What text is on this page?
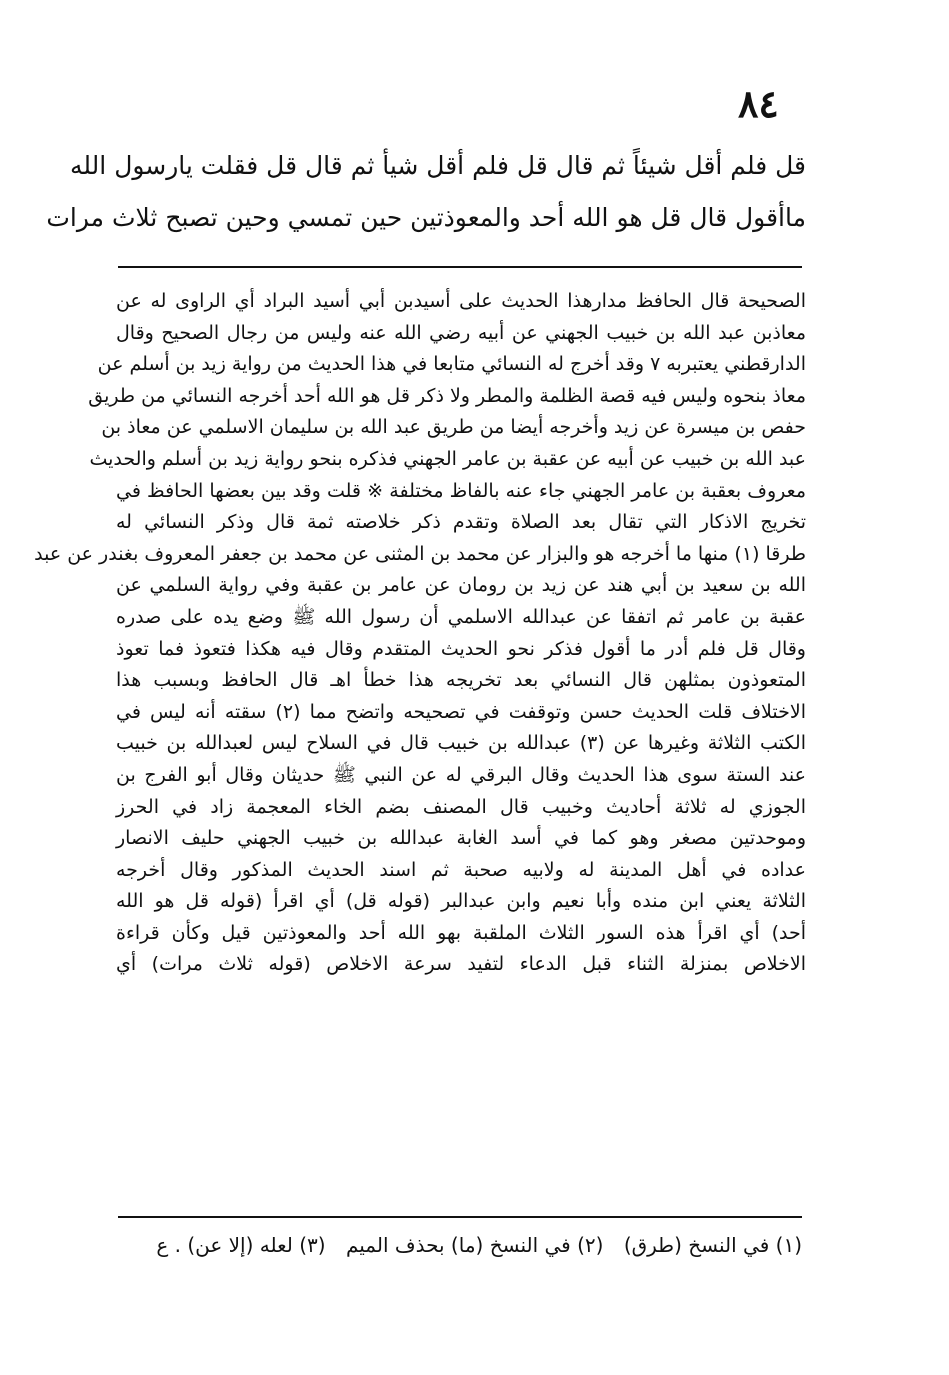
٨٤
قل فلم أقل شيئاً ثم قال قل فلم أقل شيأ ثم قال قل فقلت يارسول الله
ماأقول قال قل هو الله أحد والمعوذتين حين تمسي وحين تصبح ثلاث مرات
الصحيحة قال الحافظ مدارهذا الحديث على أسيدبن أبي أسيد البراد أي الراوى له عن
معاذبن عبد الله بن خبيب الجهني عن أبيه رضي الله عنه وليس من رجال الصحيح وقال
الدارقطني يعتبربه ٧ وقد أخرج له النسائي متابعا في هذا الحديث من رواية زيد بن أسلم عن
معاذ بنحوه وليس فيه قصة الظلمة والمطر ولا ذكر قل هو الله أحد أخرجه النسائي من طريق
حفص بن ميسرة عن زيد وأخرجه أيضا من طريق عبد الله بن سليمان الاسلمي عن معاذ بن
عبد الله بن خبيب عن أبيه عن عقبة بن عامر الجهني فذكره بنحو رواية زيد بن أسلم والحديث
معروف بعقبة بن عامر الجهني جاء عنه بالفاظ مختلفة ※ قلت وقد بين بعضها الحافظ في
تخريج الاذكار التي تقال بعد الصلاة وتقدم ذكر خلاصته ثمة قال وذكر النسائي له
طرقا (١) منها ما أخرجه هو والبزار عن محمد بن المثنى عن محمد بن جعفر المعروف بغندر عن عبد
الله بن سعيد بن أبي هند عن زيد بن رومان عن عامر بن عقبة وفي رواية السلمي عن
عقبة بن عامر ثم اتفقا عن عبدالله الاسلمي أن رسول الله ﷺ وضع يده على صدره
وقال قل فلم أدر ما أقول فذكر نحو الحديث المتقدم وقال فيه هكذا فتعوذ فما تعوذ
المتعوذون بمثلهن قال النسائي بعد تخريجه هذا خطأ اهـ قال الحافظ وبسبب هذا
الاختلاف قلت الحديث حسن وتوقفت في تصحيحه واتضح مما (٢) سقته أنه ليس في
الكتب الثلاثة وغيرها عن (٣) عبدالله بن خبيب قال في السلاح ليس لعبدالله بن خبيب
عند الستة سوى هذا الحديث وقال البرقي له عن النبي ﷺ حديثان وقال أبو الفرج بن
الجوزي له ثلاثة أحاديث وخبيب قال المصنف بضم الخاء المعجمة زاد في الحرز
وموحدتين مصغر وهو كما في أسد الغابة عبدالله بن خبيب الجهني حليف الانصار
عداده في أهل المدينة له ولابيه صحبة ثم اسند الحديث المذكور وقال أخرجه
الثلاثة يعني ابن منده وأبا نعيم وابن عبدالبر (قوله قل) أي اقرأ (قوله قل هو الله
أحد) أي اقرأ هذه السور الثلاث الملقبة بهو الله أحد والمعوذتين قيل وكأن قراءة
الاخلاص بمنزلة الثناء قبل الدعاء لتفيد سرعة الاخلاص (قوله ثلاث مرات) أي
(١) في النسخ (طرق) (٢) في النسخ (ما) بحذف الميم (٣) لعله (إلا عن) . ع
